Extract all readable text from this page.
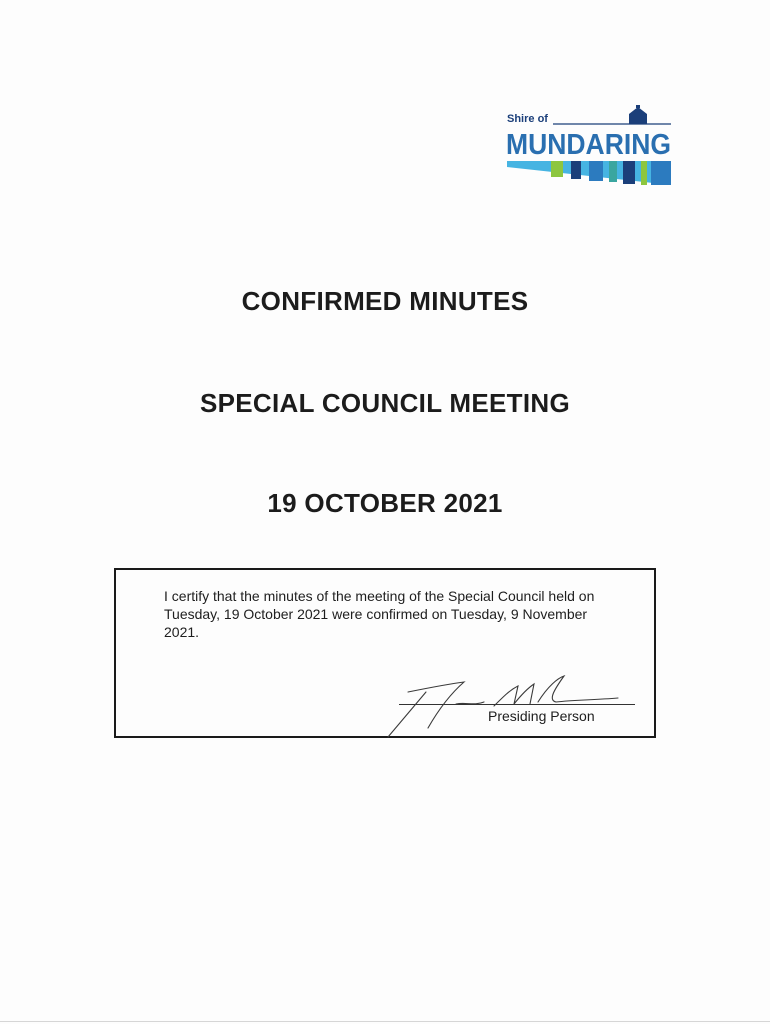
Shire of
MUNDARING
CONFIRMED MINUTES
SPECIAL COUNCIL MEETING
19 OCTOBER 2021
I certify that the minutes of the meeting of the Special Council held on Tuesday, 19 October 2021 were confirmed on Tuesday, 9 November 2021.
Presiding Person
